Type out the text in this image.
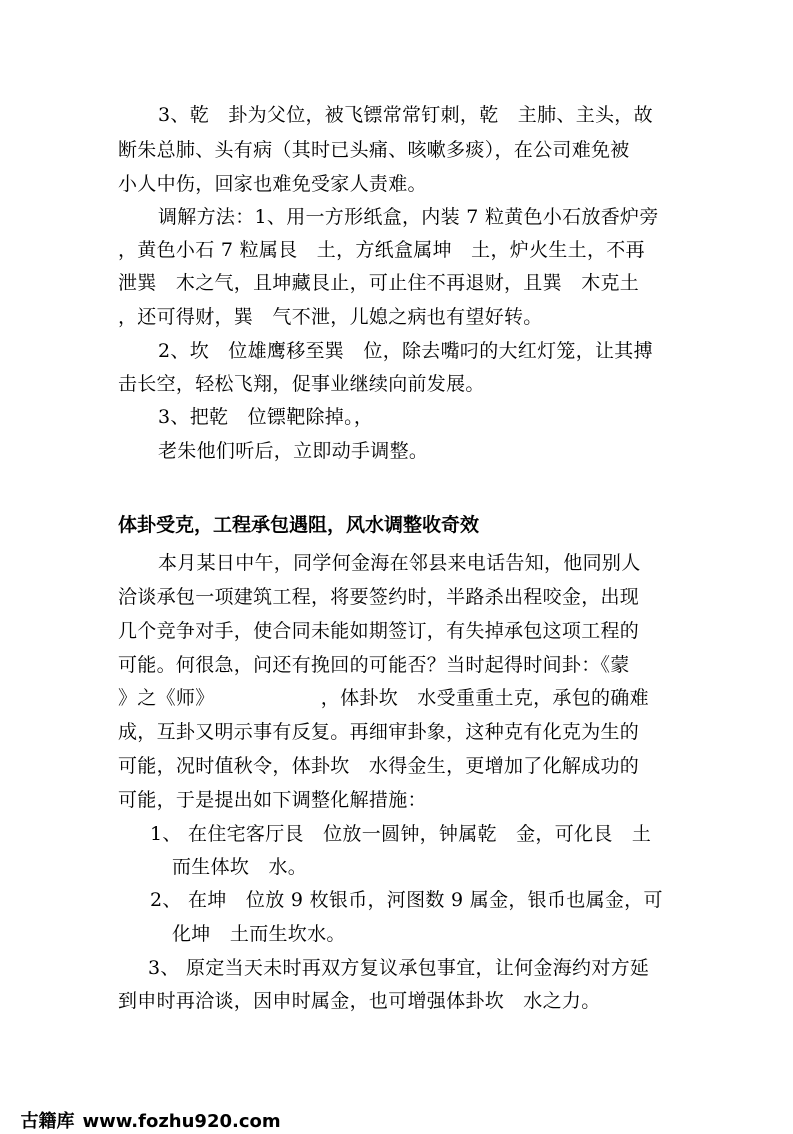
3、乾　卦为父位，被飞镖常常钉刺，乾　主肺、主头，故
断朱总肺、头有病（其时已头痛、咳嗽多痰），在公司难免被
小人中伤，回家也难免受家人责难。
调解方法：1、用一方形纸盒，内装 7 粒黄色小石放香炉旁
，黄色小石 7 粒属艮　土，方纸盒属坤　土，炉火生土，不再
泄巽　木之气，且坤藏艮止，可止住不再退财，且巽　木克土
，还可得财，巽　气不泄，儿媳之病也有望好转。
2、坎　位雄鹰移至巽　位，除去嘴叼的大红灯笼，让其搏
击长空，轻松飞翔，促事业继续向前发展。
3、把乾　位镖靶除掉。，
老朱他们听后，立即动手调整。
体卦受克，工程承包遇阻，风水调整收奇效
本月某日中午，同学何金海在邻县来电话告知，他同别人
洽谈承包一项建筑工程，将要签约时，半路杀出程咬金，出现
几个竞争对手，使合同未能如期签订，有失掉承包这项工程的
可能。何很急，问还有挽回的可能否？当时起得时间卦：《蒙
》之《师》　　　　　　，体卦坎　水受重重土克，承包的确难
成，互卦又明示事有反复。再细审卦象，这种克有化克为生的
可能，况时值秋令，体卦坎　水得金生，更增加了化解成功的
可能，于是提出如下调整化解措施：
1、 在住宅客厅艮　位放一圆钟，钟属乾　金，可化艮　土
而生体坎　水。
2、 在坤　位放 9 枚银币，河图数 9 属金，银币也属金，可
化坤　土而生坎水。
3、 原定当天未时再双方复议承包事宜，让何金海约对方延
到申时再洽谈，因申时属金，也可增强体卦坎　水之力。

古籍库 www.fozhu920.com
